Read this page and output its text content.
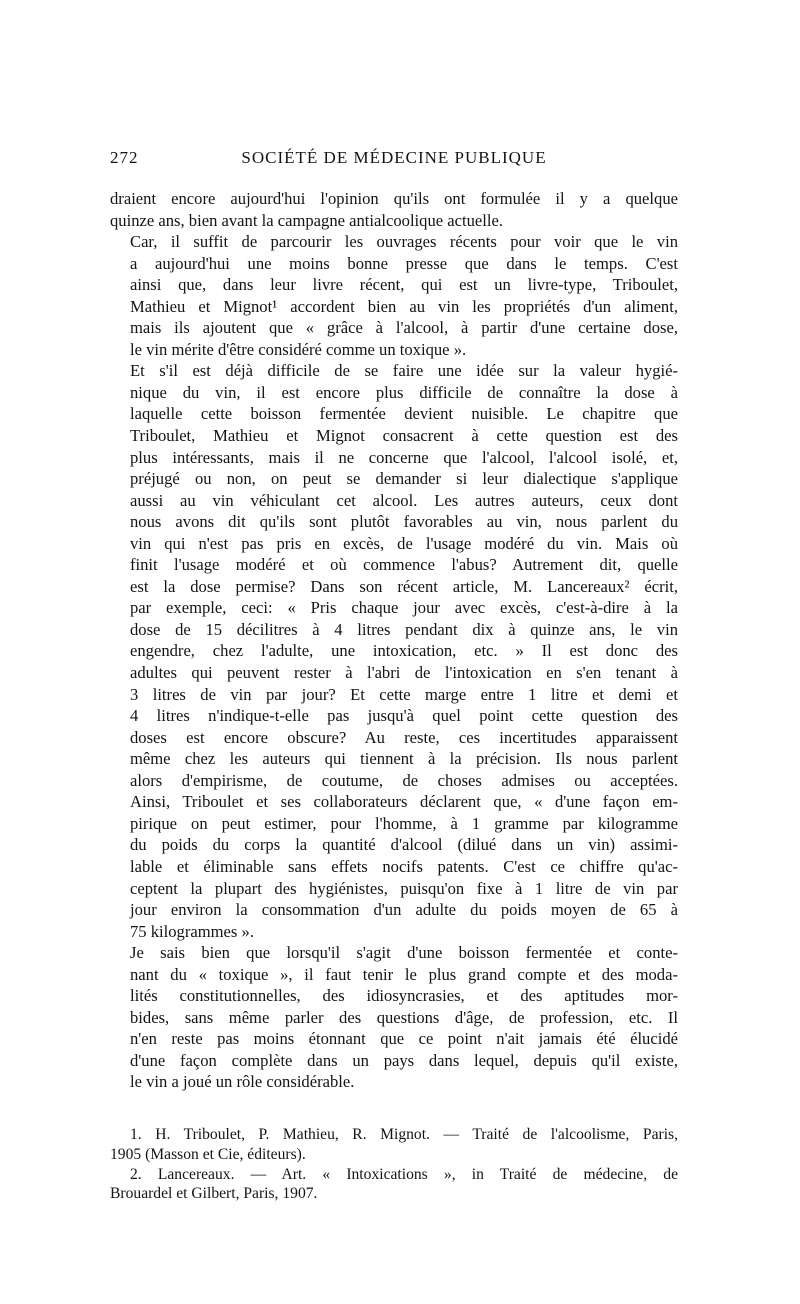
SOCIÉTÉ DE MÉDECINE PUBLIQUE
272

draient encore aujourd'hui l'opinion qu'ils ont formulée il y a quelque
quinze ans, bien avant la campagne antialcoolique actuelle.

Car, il suffit de parcourir les ouvrages récents pour voir que le vin
a aujourd'hui une moins bonne presse que dans le temps. C'est
ainsi que, dans leur livre récent, qui est un livre-type, Triboulet,
Mathieu et Mignot¹ accordent bien au vin les propriétés d'un aliment,
mais ils ajoutent que « grâce à l'alcool, à partir d'une certaine dose,
le vin mérite d'être considéré comme un toxique ».

Et s'il est déjà difficile de se faire une idée sur la valeur hygié-
nique du vin, il est encore plus difficile de connaître la dose à
laquelle cette boisson fermentée devient nuisible. Le chapitre que
Triboulet, Mathieu et Mignot consacrent à cette question est des
plus intéressants, mais il ne concerne que l'alcool, l'alcool isolé, et,
préjugé ou non, on peut se demander si leur dialectique s'applique
aussi au vin véhiculant cet alcool. Les autres auteurs, ceux dont
nous avons dit qu'ils sont plutôt favorables au vin, nous parlent du
vin qui n'est pas pris en excès, de l'usage modéré du vin. Mais où
finit l'usage modéré et où commence l'abus? Autrement dit, quelle
est la dose permise? Dans son récent article, M. Lancereaux² écrit,
par exemple, ceci: « Pris chaque jour avec excès, c'est-à-dire à la
dose de 15 décilitres à 4 litres pendant dix à quinze ans, le vin
engendre, chez l'adulte, une intoxication, etc. » Il est donc des
adultes qui peuvent rester à l'abri de l'intoxication en s'en tenant à
3 litres de vin par jour? Et cette marge entre 1 litre et demi et
4 litres n'indique-t-elle pas jusqu'à quel point cette question des
doses est encore obscure? Au reste, ces incertitudes apparaissent
même chez les auteurs qui tiennent à la précision. Ils nous parlent
alors d'empirisme, de coutume, de choses admises ou acceptées.
Ainsi, Triboulet et ses collaborateurs déclarent que, « d'une façon em-
pirique on peut estimer, pour l'homme, à 1 gramme par kilogramme
du poids du corps la quantité d'alcool (dilué dans un vin) assimi-
lable et éliminable sans effets nocifs patents. C'est ce chiffre qu'ac-
ceptent la plupart des hygiénistes, puisqu'on fixe à 1 litre de vin par
jour environ la consommation d'un adulte du poids moyen de 65 à
75 kilogrammes ».

Je sais bien que lorsqu'il s'agit d'une boisson fermentée et conte-
nant du « toxique », il faut tenir le plus grand compte et des moda-
lités constitutionnelles, des idiosyncrasies, et des aptitudes mor-
bides, sans même parler des questions d'âge, de profession, etc. Il
n'en reste pas moins étonnant que ce point n'ait jamais été élucidé
d'une façon complète dans un pays dans lequel, depuis qu'il existe,
le vin a joué un rôle considérable.

1. H. Triboulet, P. Mathieu, R. Mignot. — Traité de l'alcoolisme, Paris,
1905 (Masson et Cie, éditeurs).
2. Lancereaux. — Art. « Intoxications », in Traité de médecine, de
Brouardel et Gilbert, Paris, 1907.
